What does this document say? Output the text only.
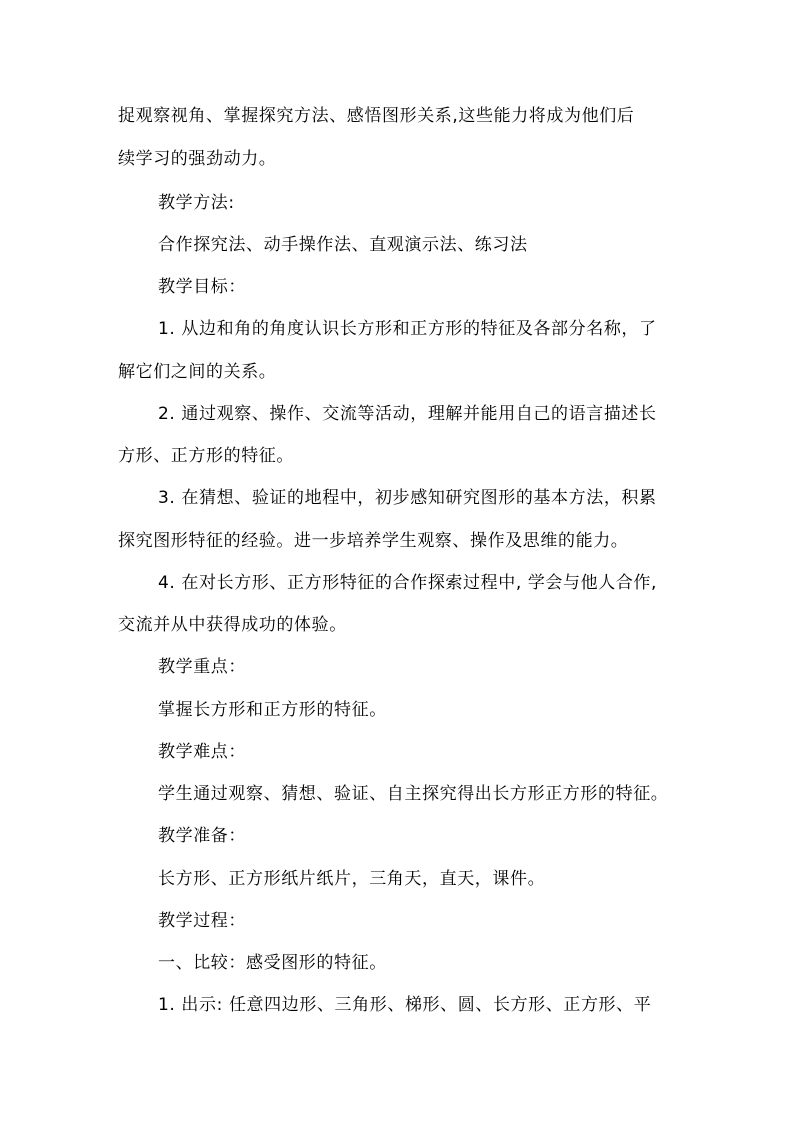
捉观察视角、掌握探究方法、感悟图形关系,这些能力将成为他们后
续学习的强劲动力。
教学方法:
合作探究法、动手操作法、直观演示法、练习法
教学目标：
1. 从边和角的角度认识长方形和正方形的特征及各部分名称，了
解它们之间的关系。
2. 通过观察、操作、交流等活动，理解并能用自己的语言描述长
方形、正方形的特征。
3. 在猜想、验证的地程中，初步感知研究图形的基本方法，积累
探究图形特征的经验。进一步培养学生观察、操作及思维的能力。
4. 在对长方形、正方形特征的合作探索过程中, 学会与他人合作,
交流并从中获得成功的体验。
教学重点：
掌握长方形和正方形的特征。
教学难点：
学生通过观察、猜想、验证、自主探究得出长方形正方形的特征。
教学准备：
长方形、正方形纸片纸片，三角天，直天，课件。
教学过程：
一、比较：感受图形的特征。
1. 出示: 任意四边形、三角形、梯形、圆、长方形、正方形、平
